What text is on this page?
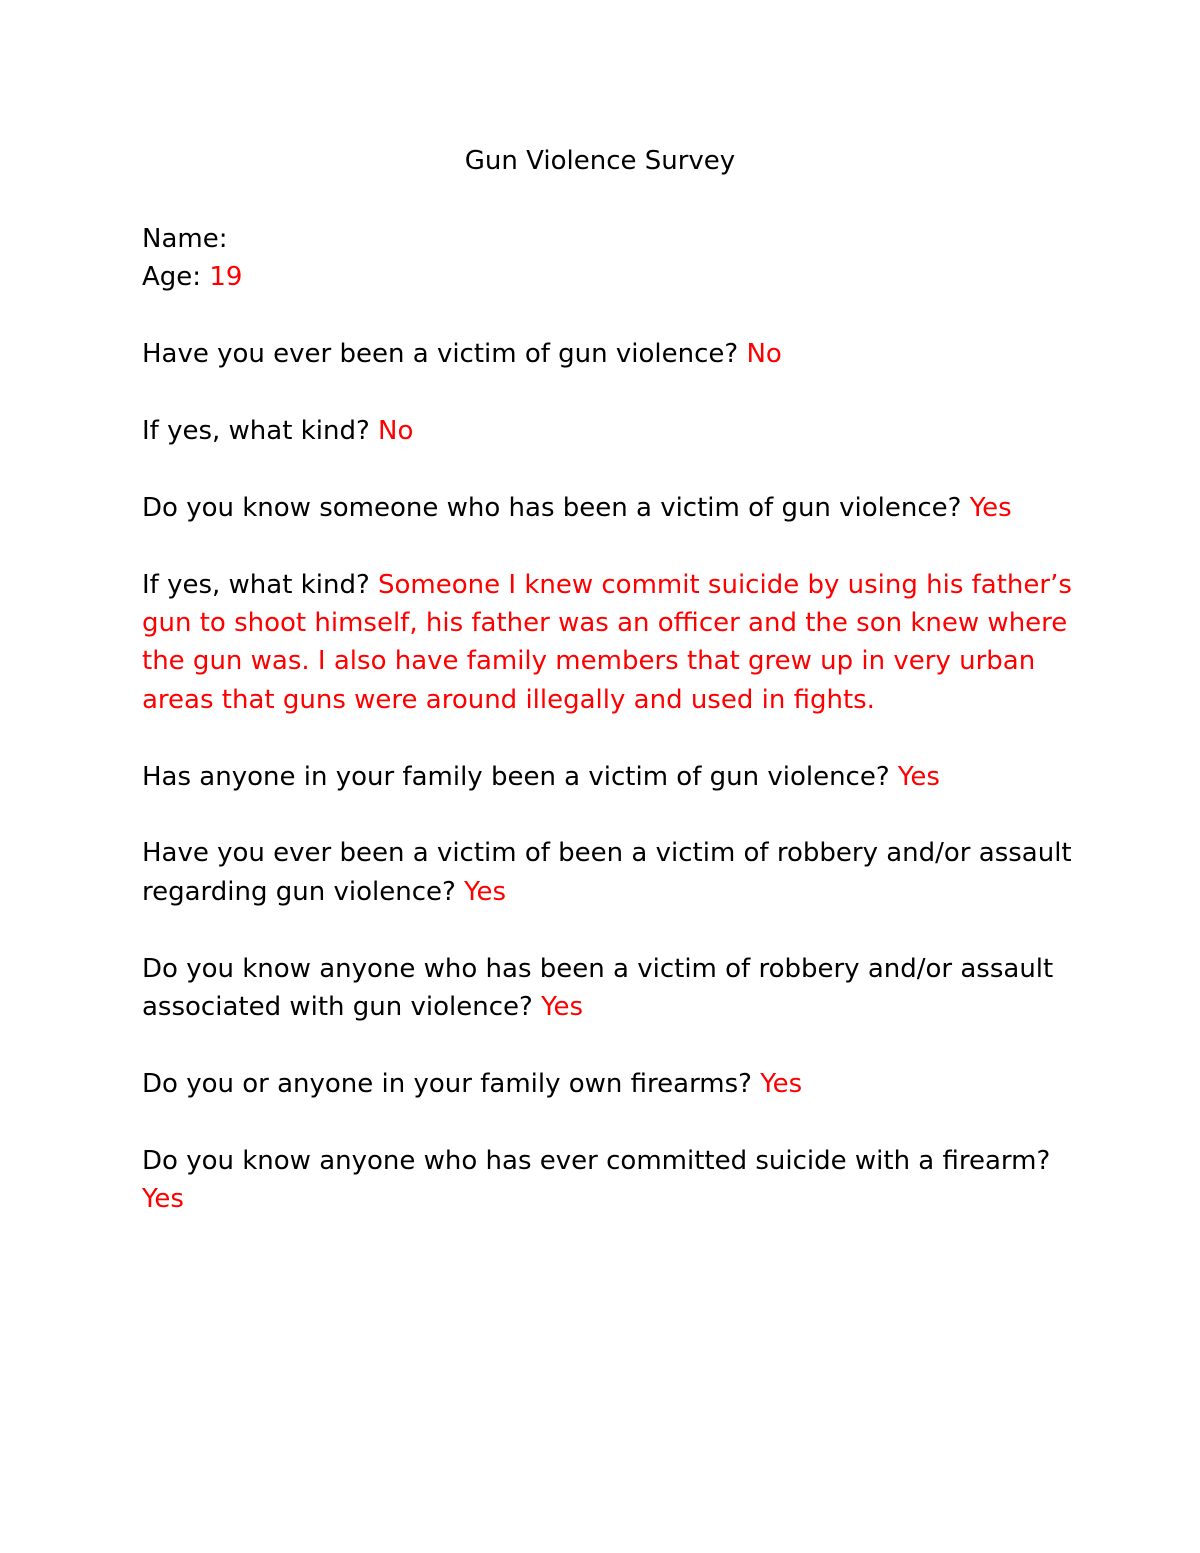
Gun Violence Survey

Name:

Age: 19

Have you ever been a victim of gun violence? No

If yes, what kind? No

Do you know someone who has been a victim of gun violence? Yes

If yes, what kind? Someone I knew commit suicide by using his father’s

gun to shoot himself, his father was an officer and the son knew where

the gun was. I also have family members that grew up in very urban

areas that guns were around illegally and used in fights.

Has anyone in your family been a victim of gun violence? Yes

Have you ever been a victim of been a victim of robbery and/or assault

regarding gun violence? Yes

Do you know anyone who has been a victim of robbery and/or assault

associated with gun violence? Yes

Do you or anyone in your family own firearms? Yes

Do you know anyone who has ever committed suicide with a firearm?

Yes
